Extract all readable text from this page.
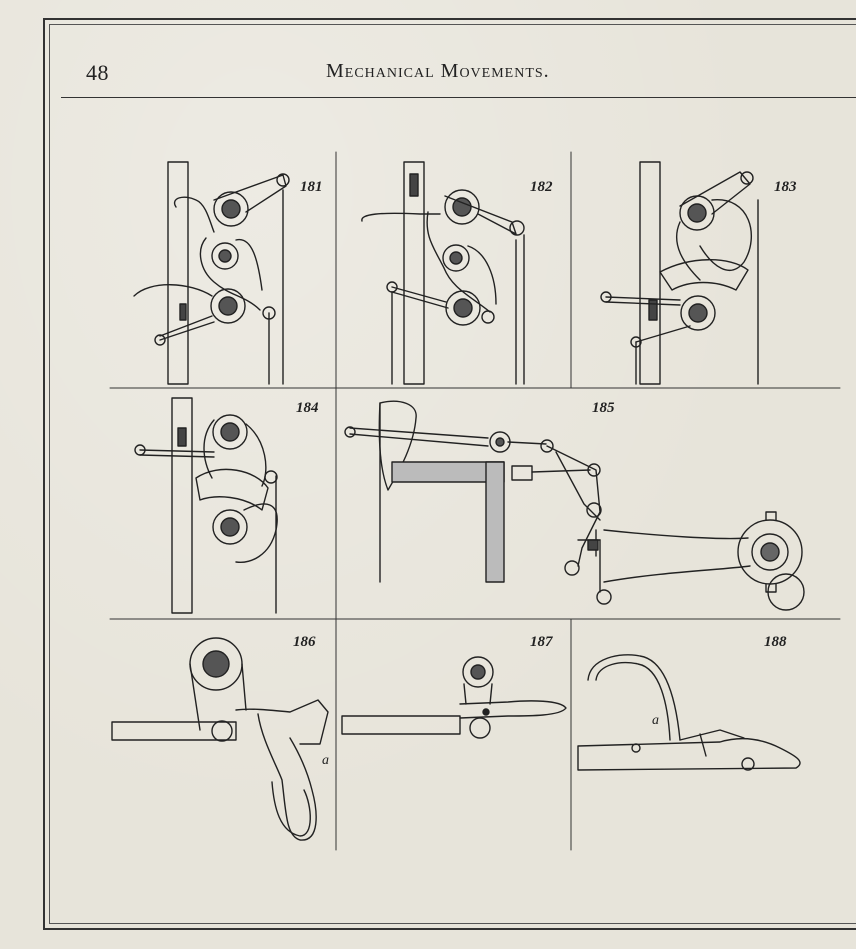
48	Mechanical Movements.
181	182	183
184	185
186	187	188
a
a
